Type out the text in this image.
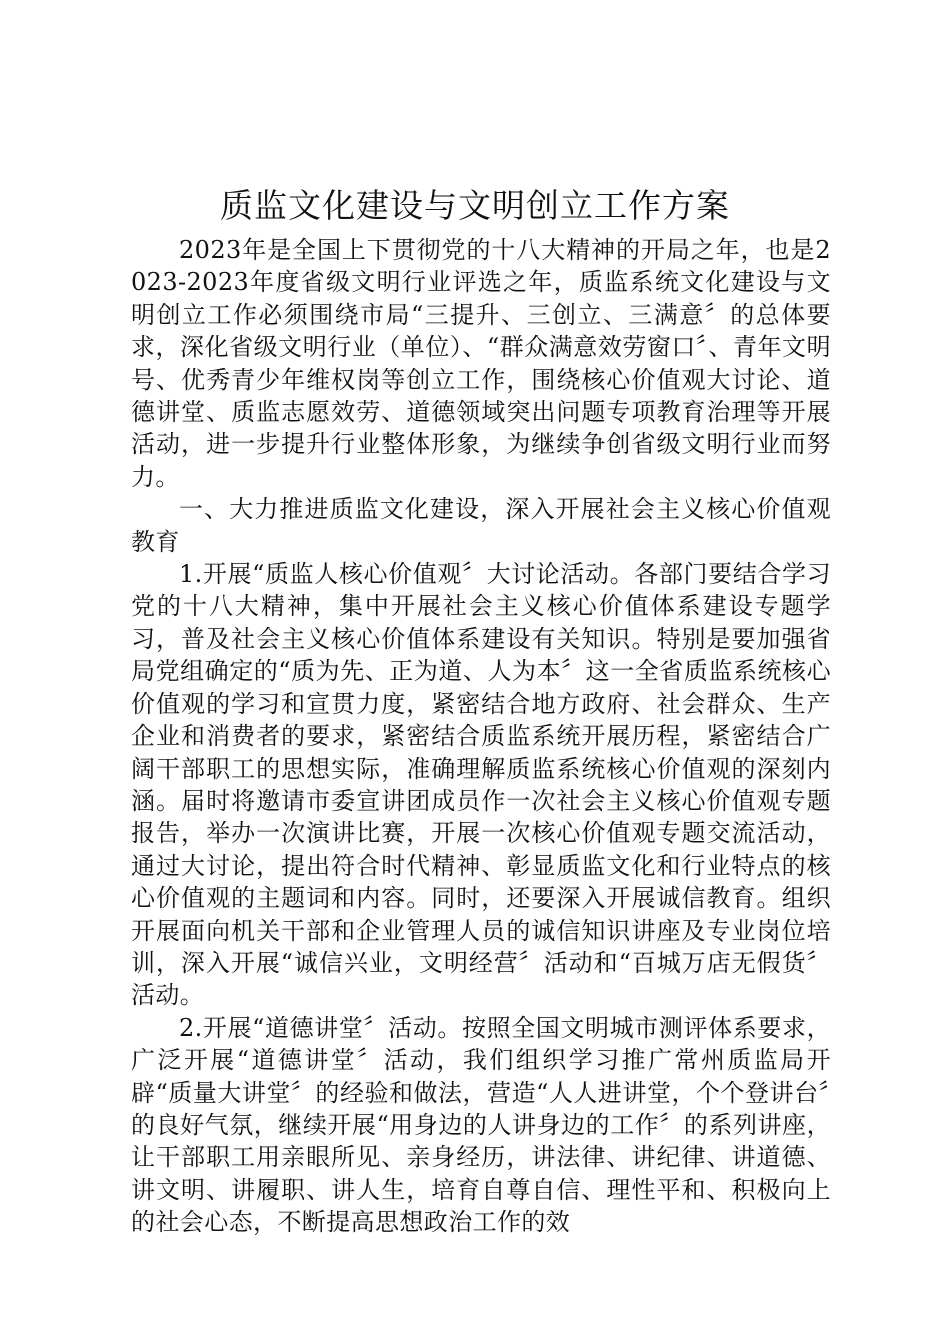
质监文化建设与文明创立工作方案

2023年是全国上下贯彻党的十八大精神的开局之年，也是2023-2023年度省级文明行业评选之年，质监系统文化建设与文明创立工作必须围绕市局“三提升、三创立、三满意〞的总体要求，深化省级文明行业（单位）、“群众满意效劳窗口〞、青年文明号、优秀青少年维权岗等创立工作，围绕核心价值观大讨论、道德讲堂、质监志愿效劳、道德领域突出问题专项教育治理等开展活动，进一步提升行业整体形象，为继续争创省级文明行业而努力。

一、大力推进质监文化建设，深入开展社会主义核心价值观教育

1.开展“质监人核心价值观〞大讨论活动。各部门要结合学习党的十八大精神，集中开展社会主义核心价值体系建设专题学习，普及社会主义核心价值体系建设有关知识。特别是要加强省局党组确定的“质为先、正为道、人为本〞这一全省质监系统核心价值观的学习和宣贯力度，紧密结合地方政府、社会群众、生产企业和消费者的要求，紧密结合质监系统开展历程，紧密结合广阔干部职工的思想实际，准确理解质监系统核心价值观的深刻内涵。届时将邀请市委宣讲团成员作一次社会主义核心价值观专题报告，举办一次演讲比赛，开展一次核心价值观专题交流活动，通过大讨论，提出符合时代精神、彰显质监文化和行业特点的核心价值观的主题词和内容。同时，还要深入开展诚信教育。组织开展面向机关干部和企业管理人员的诚信知识讲座及专业岗位培训，深入开展“诚信兴业，文明经营〞活动和“百城万店无假货〞活动。

2.开展“道德讲堂〞活动。按照全国文明城市测评体系要求，广泛开展“道德讲堂〞活动，我们组织学习推广常州质监局开辟“质量大讲堂〞的经验和做法，营造“人人进讲堂，个个登讲台〞的良好气氛，继续开展“用身边的人讲身边的工作〞的系列讲座，让干部职工用亲眼所见、亲身经历，讲法律、讲纪律、讲道德、讲文明、讲履职、讲人生，培育自尊自信、理性平和、积极向上的社会心态，不断提高思想政治工作的效
